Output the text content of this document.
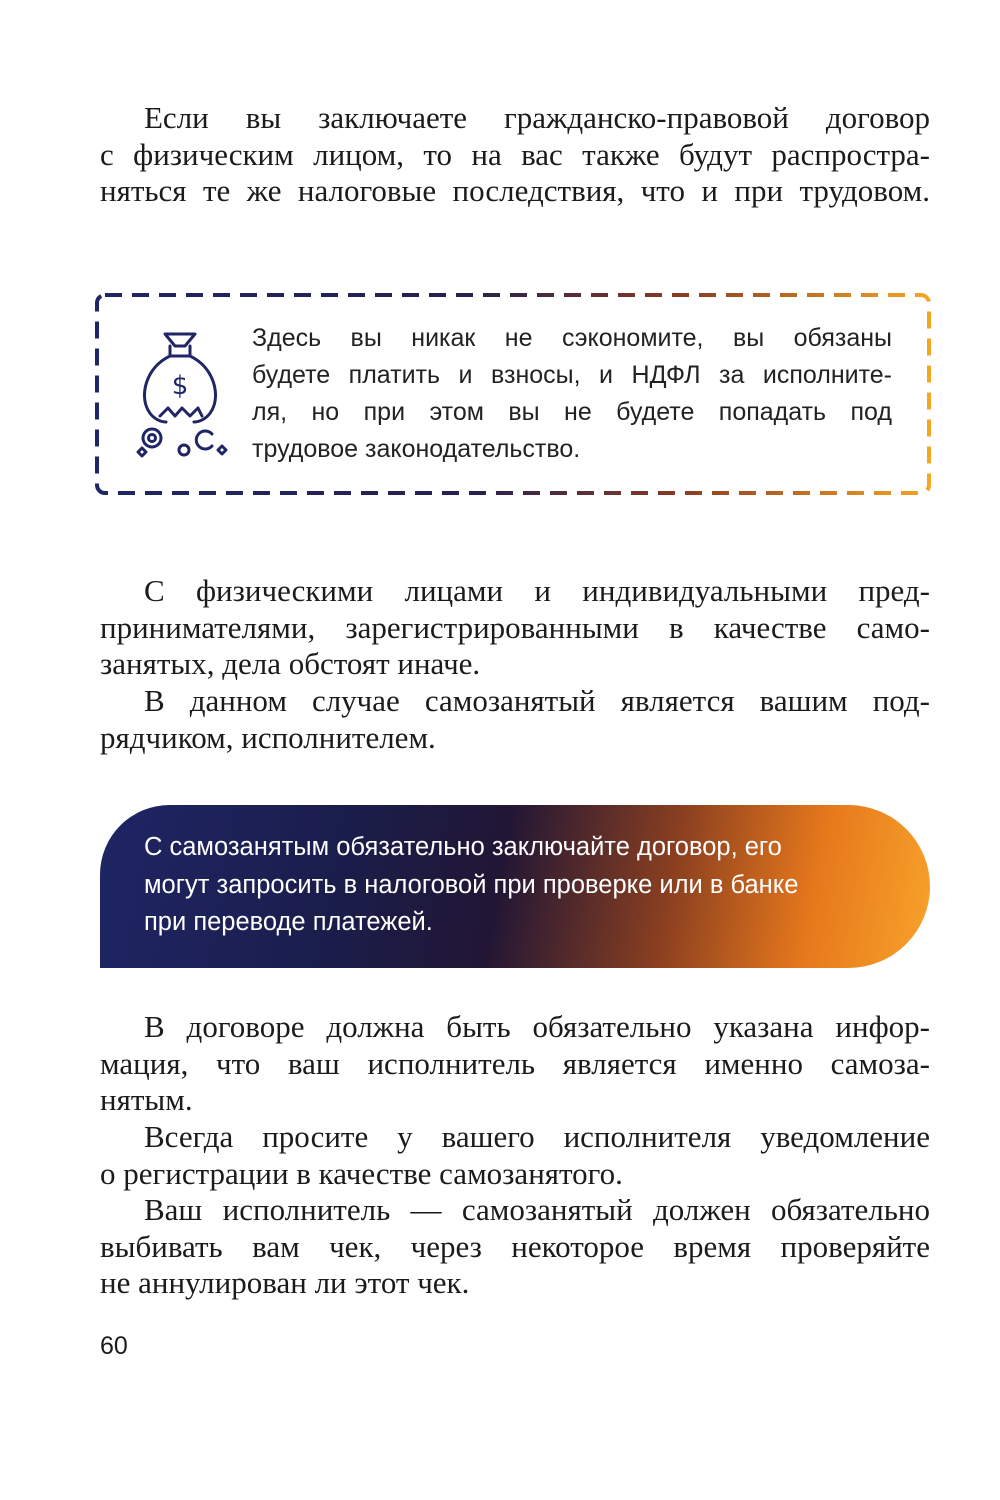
Если вы заключаете гражданско-правовой договор
с физическим лицом, то на вас также будут распростра-
няться те же налоговые последствия, что и при трудовом.
$
Здесь вы никак не сэкономите, вы обязаны
будете платить и взносы, и НДФЛ за исполните-
ля, но при этом вы не будете попадать под
трудовое законодательство.
С физическими лицами и индивидуальными пред-
принимателями, зарегистрированными в качестве само-
занятых, дела обстоят иначе.
В данном случае самозанятый является вашим под-
рядчиком, исполнителем.
С самозанятым обязательно заключайте договор, его
могут запросить в налоговой при проверке или в банке
при переводе платежей.
В договоре должна быть обязательно указана инфор-
мация, что ваш исполнитель является именно самоза-
нятым.
Всегда просите у вашего исполнителя уведомление
о регистрации в качестве самозанятого.
Ваш исполнитель — самозанятый должен обязательно
выбивать вам чек, через некоторое время проверяйте
не аннулирован ли этот чек.
60
